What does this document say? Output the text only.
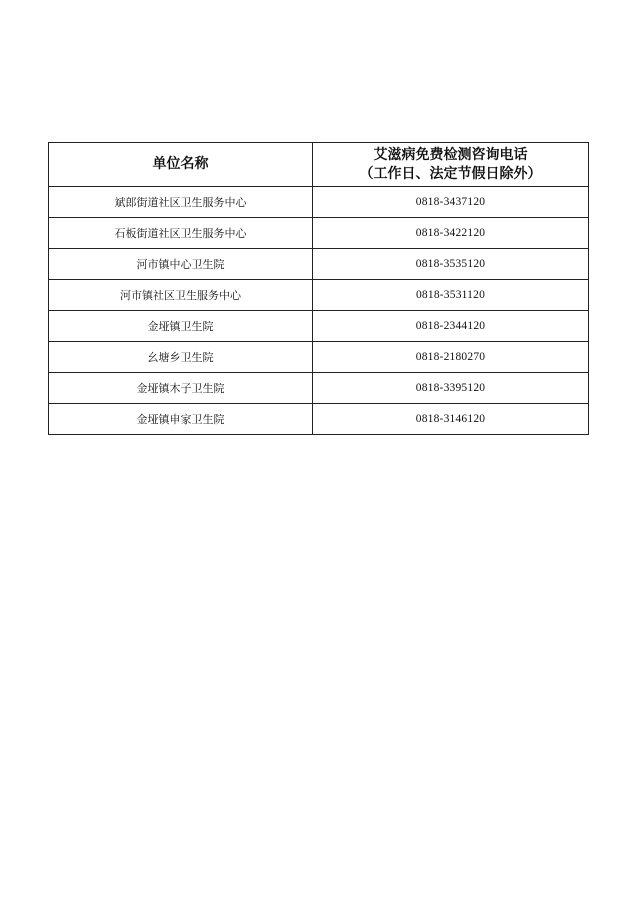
单位名称	艾滋病免费检测咨询电话
（工作日、法定节假日除外）

斌郎街道社区卫生服务中心	0818-3437120
石板街道社区卫生服务中心	0818-3422120
河市镇中心卫生院	0818-3535120
河市镇社区卫生服务中心	0818-3531120
金垭镇卫生院	0818-2344120
幺塘乡卫生院	0818-2180270
金垭镇木子卫生院	0818-3395120
金垭镇申家卫生院	0818-3146120
